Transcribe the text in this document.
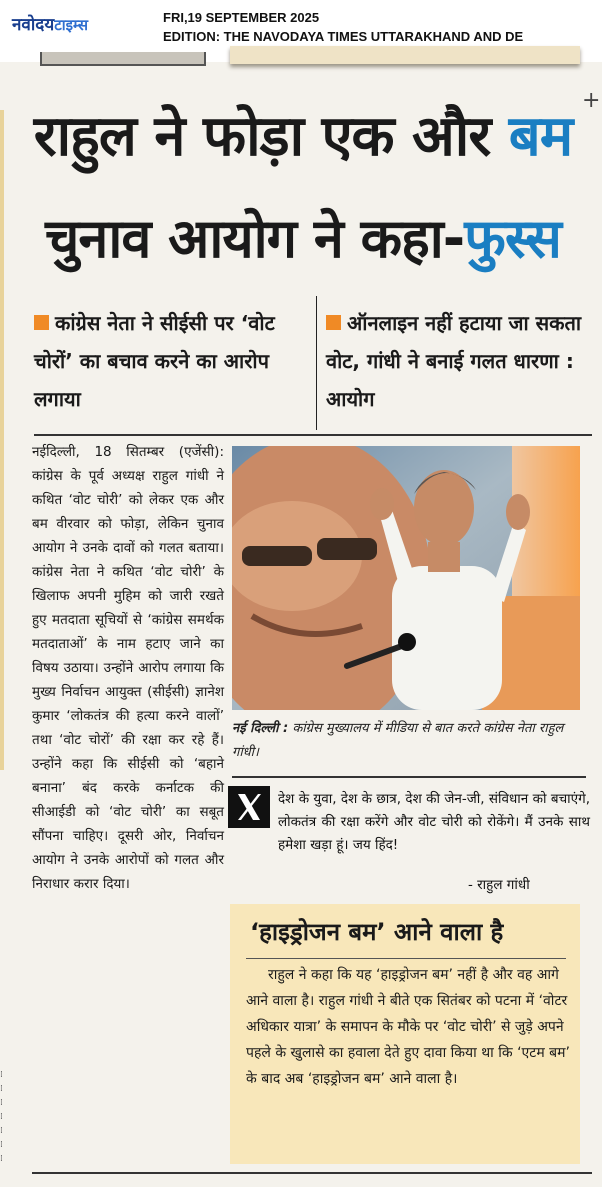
नवोदयटाइम्स	FRI,19 SEPTEMBER 2025
EDITION: THE NAVODAYA TIMES UTTARAKHAND AND DE
+
राहुल ने फोड़ा एक और बम
चुनाव आयोग ने कहा-फुस्स
कांग्रेस नेता ने सीईसी पर ‘वोट चोरों’ का बचाव करने का आरोप लगाया
ऑनलाइन नहीं हटाया जा सकता वोट, गांधी ने बनाई गलत धारणा : आयोग

नईदिल्ली, 18 सितम्बर (एजेंसी): कांग्रेस के पूर्व अध्यक्ष राहुल गांधी ने कथित ‘वोट चोरी’ को लेकर एक और बम वीरवार को फोड़ा, लेकिन चुनाव आयोग ने उनके दावों को गलत बताया। कांग्रेस नेता ने कथित ‘वोट चोरी’ के खिलाफ अपनी मुहिम को जारी रखते हुए मतदाता सूचियों से ‘कांग्रेस समर्थक मतदाताओं’ के नाम हटाए जाने का विषय उठाया। उन्होंने आरोप लगाया कि मुख्य निर्वाचन आयुक्त (सीईसी) ज्ञानेश कुमार ‘लोकतंत्र की हत्या करने वालों’ तथा ‘वोट चोरों’ की रक्षा कर रहे हैं। उन्होंने कहा कि सीईसी को ‘बहाने बनाना’ बंद करके कर्नाटक की सीआईडी को ‘वोट चोरी’ का सबूत सौंपना चाहिए। दूसरी ओर, निर्वाचन आयोग ने उनके आरोपों को गलत और निराधार करार दिया।

⁞
⁞
⁞
⁞
⁞
⁞
⁞
नई दिल्ली : कांग्रेस मुख्यालय में मीडिया से बात करते कांग्रेस नेता राहुल गांधी।
देश के युवा, देश के छात्र, देश की जेन-जी, संविधान को बचाएंगे, लोकतंत्र की रक्षा करेंगे और वोट चोरी को रोकेंगे। मैं उनके साथ हमेशा खड़ा हूं। जय हिंद!
- राहुल गांधी
‘हाइड्रोजन बम’ आने वाला है
राहुल ने कहा कि यह ‘हाइड्रोजन बम’ नहीं है और वह आगे आने वाला है। राहुल गांधी ने बीते एक सितंबर को पटना में ‘वोटर अधिकार यात्रा’ के समापन के मौके पर ‘वोट चोरी’ से जुड़े अपने पहले के खुलासे का हवाला देते हुए दावा किया था कि ‘एटम बम’ के बाद अब ‘हाइड्रोजन बम’ आने वाला है।
